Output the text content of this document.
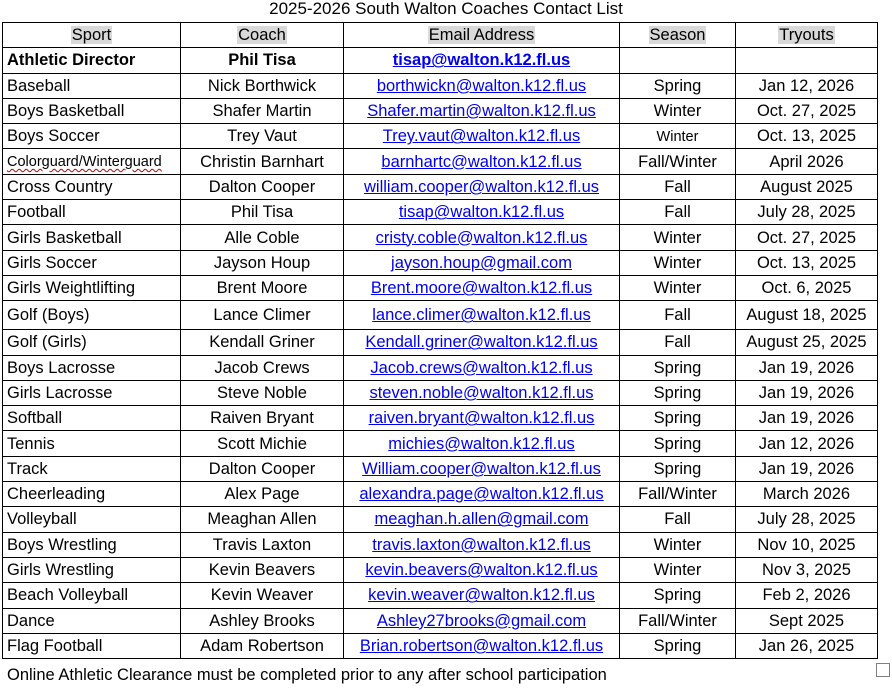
2025-2026 South Walton Coaches Contact List
Sport	Coach	Email Address	Season	Tryouts
Athletic Director	Phil Tisa	tisap@walton.k12.fl.us		
Baseball	Nick Borthwick	borthwickn@walton.k12.fl.us	Spring	Jan 12, 2026
Boys Basketball	Shafer Martin	Shafer.martin@walton.k12.fl.us	Winter	Oct. 27, 2025
Boys Soccer	Trey Vaut	Trey.vaut@walton.k12.fl.us	Winter	Oct. 13, 2025
Colorguard/Winterguard	Christin Barnhart	barnhartc@walton.k12.fl.us	Fall/Winter	April 2026
Cross Country	Dalton Cooper	william.cooper@walton.k12.fl.us	Fall	August 2025
Football	Phil Tisa	tisap@walton.k12.fl.us	Fall	July 28, 2025
Girls Basketball	Alle Coble	cristy.coble@walton.k12.fl.us	Winter	Oct. 27, 2025
Girls Soccer	Jayson Houp	jayson.houp@gmail.com	Winter	Oct. 13, 2025
Girls Weightlifting	Brent Moore	Brent.moore@walton.k12.fl.us	Winter	Oct. 6, 2025
Golf (Boys)	Lance Climer	lance.climer@walton.k12.fl.us	Fall	August 18, 2025
Golf (Girls)	Kendall Griner	Kendall.griner@walton.k12.fl.us	Fall	August 25, 2025
Boys Lacrosse	Jacob Crews	Jacob.crews@walton.k12.fl.us	Spring	Jan 19, 2026
Girls Lacrosse	Steve Noble	steven.noble@walton.k12.fl.us	Spring	Jan 19, 2026
Softball	Raiven Bryant	raiven.bryant@walton.k12.fl.us	Spring	Jan 19, 2026
Tennis	Scott Michie	michies@walton.k12.fl.us	Spring	Jan 12, 2026
Track	Dalton Cooper	William.cooper@walton.k12.fl.us	Spring	Jan 19, 2026
Cheerleading	Alex Page	alexandra.page@walton.k12.fl.us	Fall/Winter	March 2026
Volleyball	Meaghan Allen	meaghan.h.allen@gmail.com	Fall	July 28, 2025
Boys Wrestling	Travis Laxton	travis.laxton@walton.k12.fl.us	Winter	Nov 10, 2025
Girls Wrestling	Kevin Beavers	kevin.beavers@walton.k12.fl.us	Winter	Nov 3, 2025
Beach Volleyball	Kevin Weaver	kevin.weaver@walton.k12.fl.us	Spring	Feb 2, 2026
Dance	Ashley Brooks	Ashley27brooks@gmail.com	Fall/Winter	Sept 2025
Flag Football	Adam Robertson	Brian.robertson@walton.k12.fl.us	Spring	Jan 26, 2025
Online Athletic Clearance must be completed prior to any after school participation
